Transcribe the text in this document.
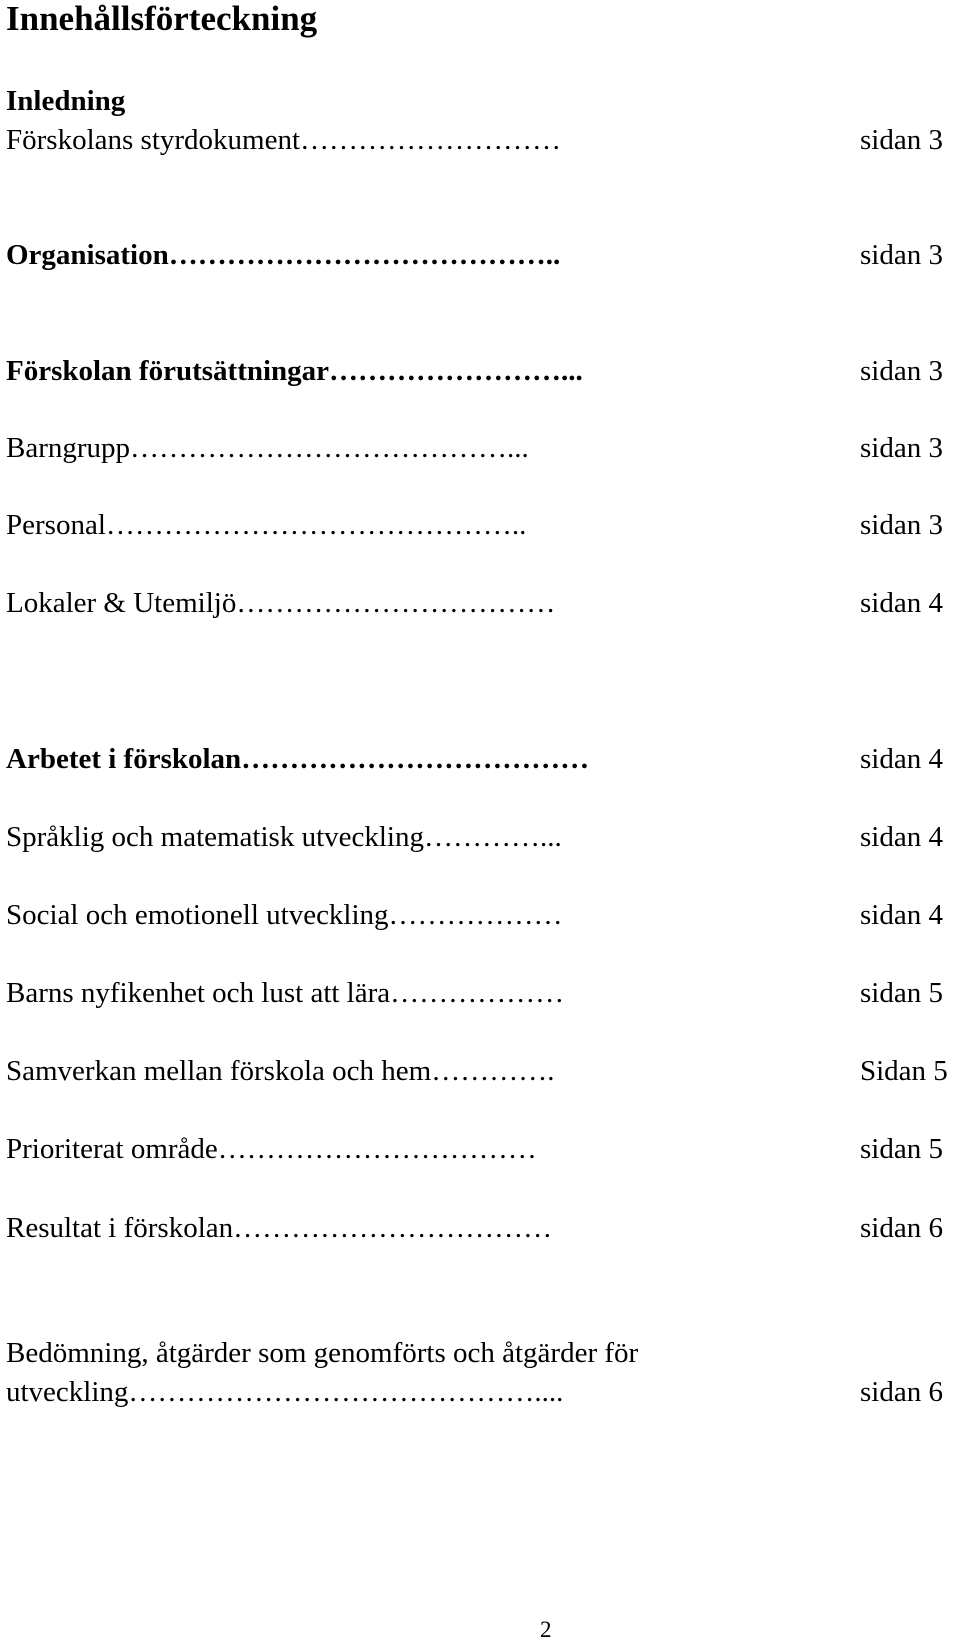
Innehållsförteckning
Inledning
Förskolans styrdokument………………………	sidan 3
Organisation…………………………………..	sidan 3
Förskolan förutsättningar……………………...	sidan 3
Barngrupp…………………………………...	sidan 3
Personal……………………………………..	sidan 3
Lokaler & Utemiljö……………………………	sidan 4
Arbetet i förskolan………………………………	sidan 4
Språklig och matematisk utveckling…………...	sidan 4
Social och emotionell utveckling………………	sidan 4
Barns nyfikenhet och lust att lära………………	sidan 5
Samverkan mellan förskola och hem………….	Sidan 5
Prioriterat område……………………………	sidan 5
Resultat i förskolan……………………………	sidan 6
Bedömning, åtgärder som genomförts och åtgärder för
utveckling……………………………………....	sidan 6
2
